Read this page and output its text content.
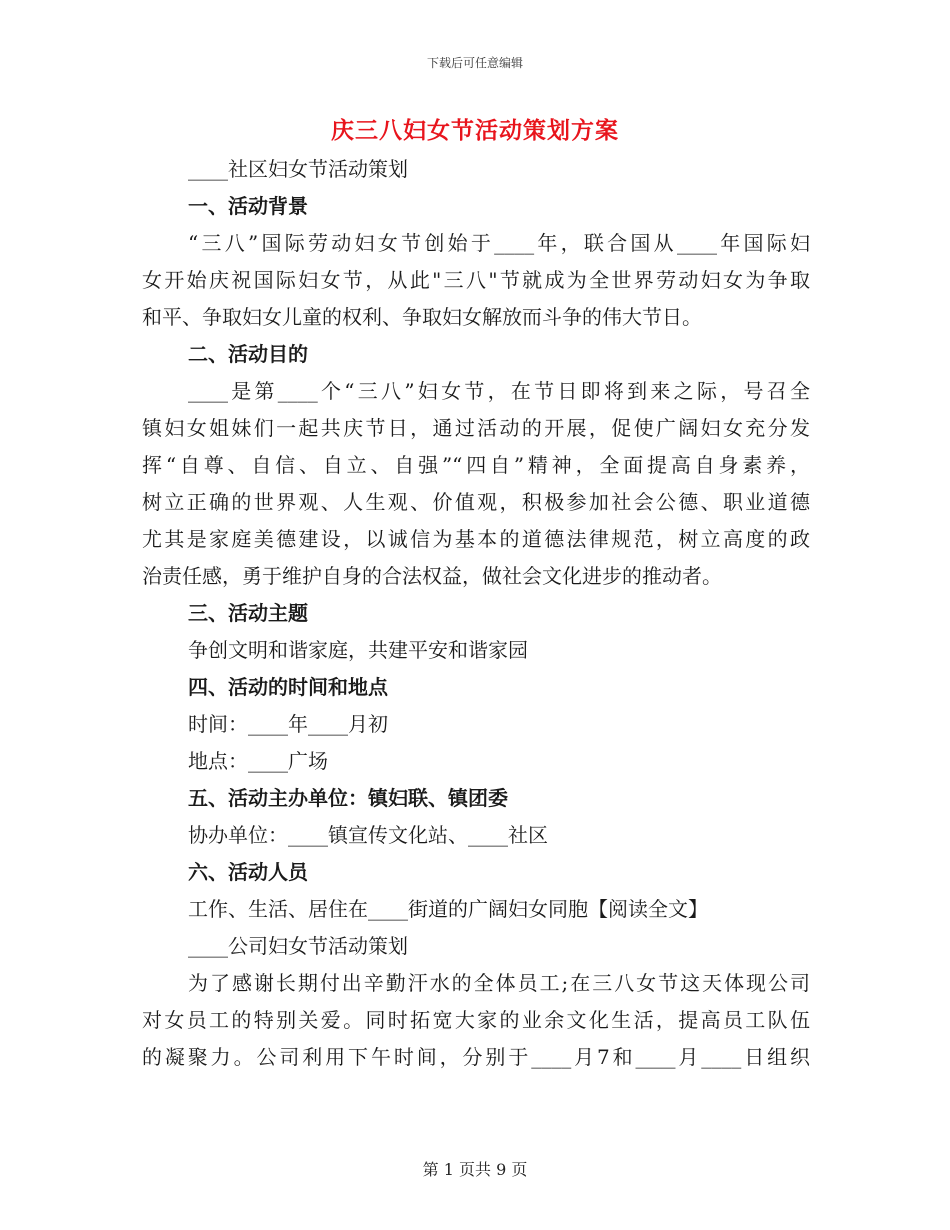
下载后可任意编辑
庆三八妇女节活动策划方案
____社区妇女节活动策划
一、活动背景
“三八”国际劳动妇女节创始于____年，联合国从____年国际妇
女开始庆祝国际妇女节，从此"三八"节就成为全世界劳动妇女为争取
和平、争取妇女儿童的权利、争取妇女解放而斗争的伟大节日。
二、活动目的
____是第____个“三八”妇女节，在节日即将到来之际，号召全
镇妇女姐妹们一起共庆节日，通过活动的开展，促使广阔妇女充分发
挥“自尊、自信、自立、自强”“四自”精神，全面提高自身素养，
树立正确的世界观、人生观、价值观，积极参加社会公德、职业道德
尤其是家庭美德建设，以诚信为基本的道德法律规范，树立高度的政
治责任感，勇于维护自身的合法权益，做社会文化进步的推动者。
三、活动主题
争创文明和谐家庭，共建平安和谐家园
四、活动的时间和地点
时间：____年____月初
地点：____广场
五、活动主办单位：镇妇联、镇团委
协办单位：____镇宣传文化站、____社区
六、活动人员
工作、生活、居住在____街道的广阔妇女同胞【阅读全文】
____公司妇女节活动策划
为了感谢长期付出辛勤汗水的全体员工;在三八女节这天体现公司
对女员工的特别关爱。同时拓宽大家的业余文化生活，提高员工队伍
的凝聚力。公司利用下午时间，分别于____月7和____月____日组织
第 1 页共 9 页
